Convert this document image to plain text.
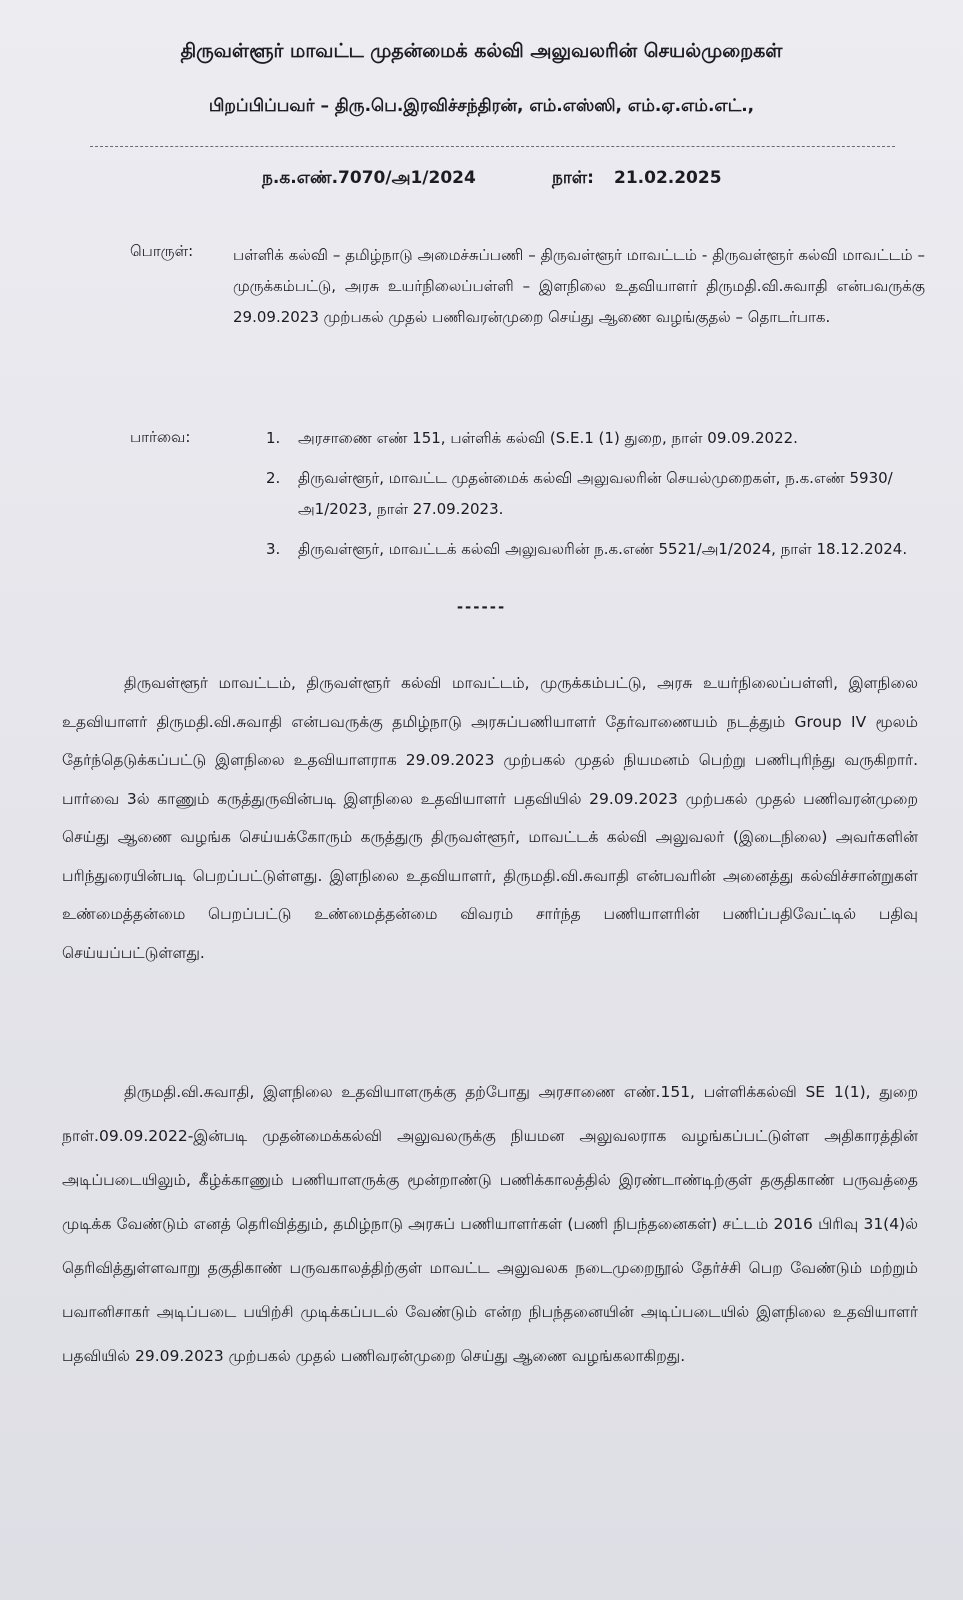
திருவள்ளூர் மாவட்ட முதன்மைக் கல்வி அலுவலரின் செயல்முறைகள்
பிறப்பிப்பவர் – திரு.பெ.இரவிச்சந்திரன், எம்.எஸ்ஸி, எம்.ஏ.எம்.எட்.,
ந.க.எண்.7070/அ1/2024	நாள்: 21.02.2025
பொருள்:	பள்ளிக் கல்வி – தமிழ்நாடு அமைச்சுப்பணி – திருவள்ளூர் மாவட்டம் - திருவள்ளூர் கல்வி மாவட்டம் – முருக்கம்பட்டு, அரசு உயர்நிலைப்பள்ளி – இளநிலை உதவியாளர் திருமதி.வி.சுவாதி என்பவருக்கு 29.09.2023 முற்பகல் முதல் பணிவரன்முறை செய்து ஆணை வழங்குதல் – தொடர்பாக.
பார்வை:	1.	அரசாணை எண் 151, பள்ளிக் கல்வி (S.E.1 (1) துறை, நாள் 09.09.2022.
2.	திருவள்ளூர், மாவட்ட முதன்மைக் கல்வி அலுவலரின் செயல்முறைகள், ந.க.எண் 5930/அ1/2023, நாள் 27.09.2023.
3.	திருவள்ளூர், மாவட்டக் கல்வி அலுவலரின் ந.க.எண் 5521/அ1/2024, நாள் 18.12.2024.
------
திருவள்ளூர் மாவட்டம், திருவள்ளூர் கல்வி மாவட்டம், முருக்கம்பட்டு, அரசு உயர்நிலைப்பள்ளி, இளநிலை உதவியாளர் திருமதி.வி.சுவாதி என்பவருக்கு தமிழ்நாடு அரசுப்பணியாளர் தேர்வாணையம் நடத்தும் Group IV மூலம் தேர்ந்தெடுக்கப்பட்டு இளநிலை உதவியாளராக 29.09.2023 முற்பகல் முதல் நியமனம் பெற்று பணிபுரிந்து வருகிறார். பார்வை 3ல் காணும் கருத்துருவின்படி இளநிலை உதவியாளர் பதவியில் 29.09.2023 முற்பகல் முதல் பணிவரன்முறை செய்து ஆணை வழங்க செய்யக்கோரும் கருத்துரு திருவள்ளூர், மாவட்டக் கல்வி அலுவலர் (இடைநிலை) அவர்களின் பரிந்துரையின்படி பெறப்பட்டுள்ளது. இளநிலை உதவியாளர், திருமதி.வி.சுவாதி என்பவரின் அனைத்து கல்விச்சான்றுகள் உண்மைத்தன்மை பெறப்பட்டு உண்மைத்தன்மை விவரம் சார்ந்த பணியாளரின் பணிப்பதிவேட்டில் பதிவு செய்யப்பட்டுள்ளது.
திருமதி.வி.சுவாதி, இளநிலை உதவியாளருக்கு தற்போது அரசாணை எண்.151, பள்ளிக்கல்வி SE 1(1), துறை நாள்.09.09.2022-இன்படி முதன்மைக்கல்வி அலுவலருக்கு நியமன அலுவலராக வழங்கப்பட்டுள்ள அதிகாரத்தின் அடிப்படையிலும், கீழ்க்காணும் பணியாளருக்கு மூன்றாண்டு பணிக்காலத்தில் இரண்டாண்டிற்குள் தகுதிகாண் பருவத்தை முடிக்க வேண்டும் எனத் தெரிவித்தும், தமிழ்நாடு அரசுப் பணியாளர்கள் (பணி நிபந்தனைகள்) சட்டம் 2016 பிரிவு 31(4)ல் தெரிவித்துள்ளவாறு தகுதிகாண் பருவகாலத்திற்குள் மாவட்ட அலுவலக நடைமுறைநூல் தேர்ச்சி பெற வேண்டும் மற்றும் பவானிசாகர் அடிப்படை பயிற்சி முடிக்கப்படல் வேண்டும் என்ற நிபந்தனையின் அடிப்படையில் இளநிலை உதவியாளர் பதவியில் 29.09.2023 முற்பகல் முதல் பணிவரன்முறை செய்து ஆணை வழங்கலாகிறது.
